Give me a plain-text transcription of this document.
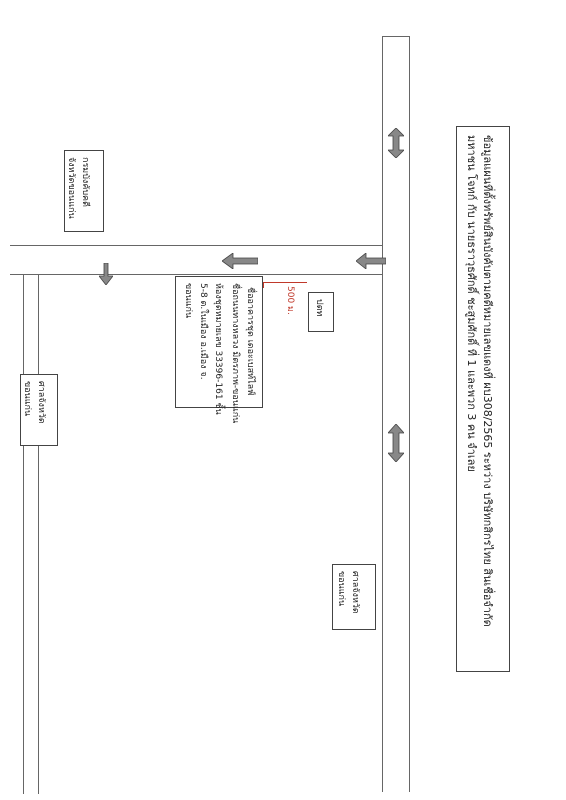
ข้อมูลแผนที่ตั้งทรัพย์สินบังคับตามคดีหมายเลขแดงที่ ผบ308/2565 ระหว่าง บริษัทกสิกรไทย สินเชื่อจำกัด
มหาชน โจทก์ กับ นายธราวุธศักดิ์ ชะสูมศักดิ์ ที่ 1 และพวก 3 คน จำเลย
กรมบังคับคดี จังหวัดขอนแก่น
ปตท
ชื่ออาคารชุด เดอะเบสท์ไลฟ์
ชื่อถนนทางหลวง มิตรภาพ-ขอนแก่น
ห้องชุดหมายเลข 33396-161 ชั้น
5-8 ต.ในเมือง อ.เมือง จ.
ขอนแก่น	500 ม.
ศาลจังหวัดขอนแก่น
ศาลจังหวัด ขอนแก่น
